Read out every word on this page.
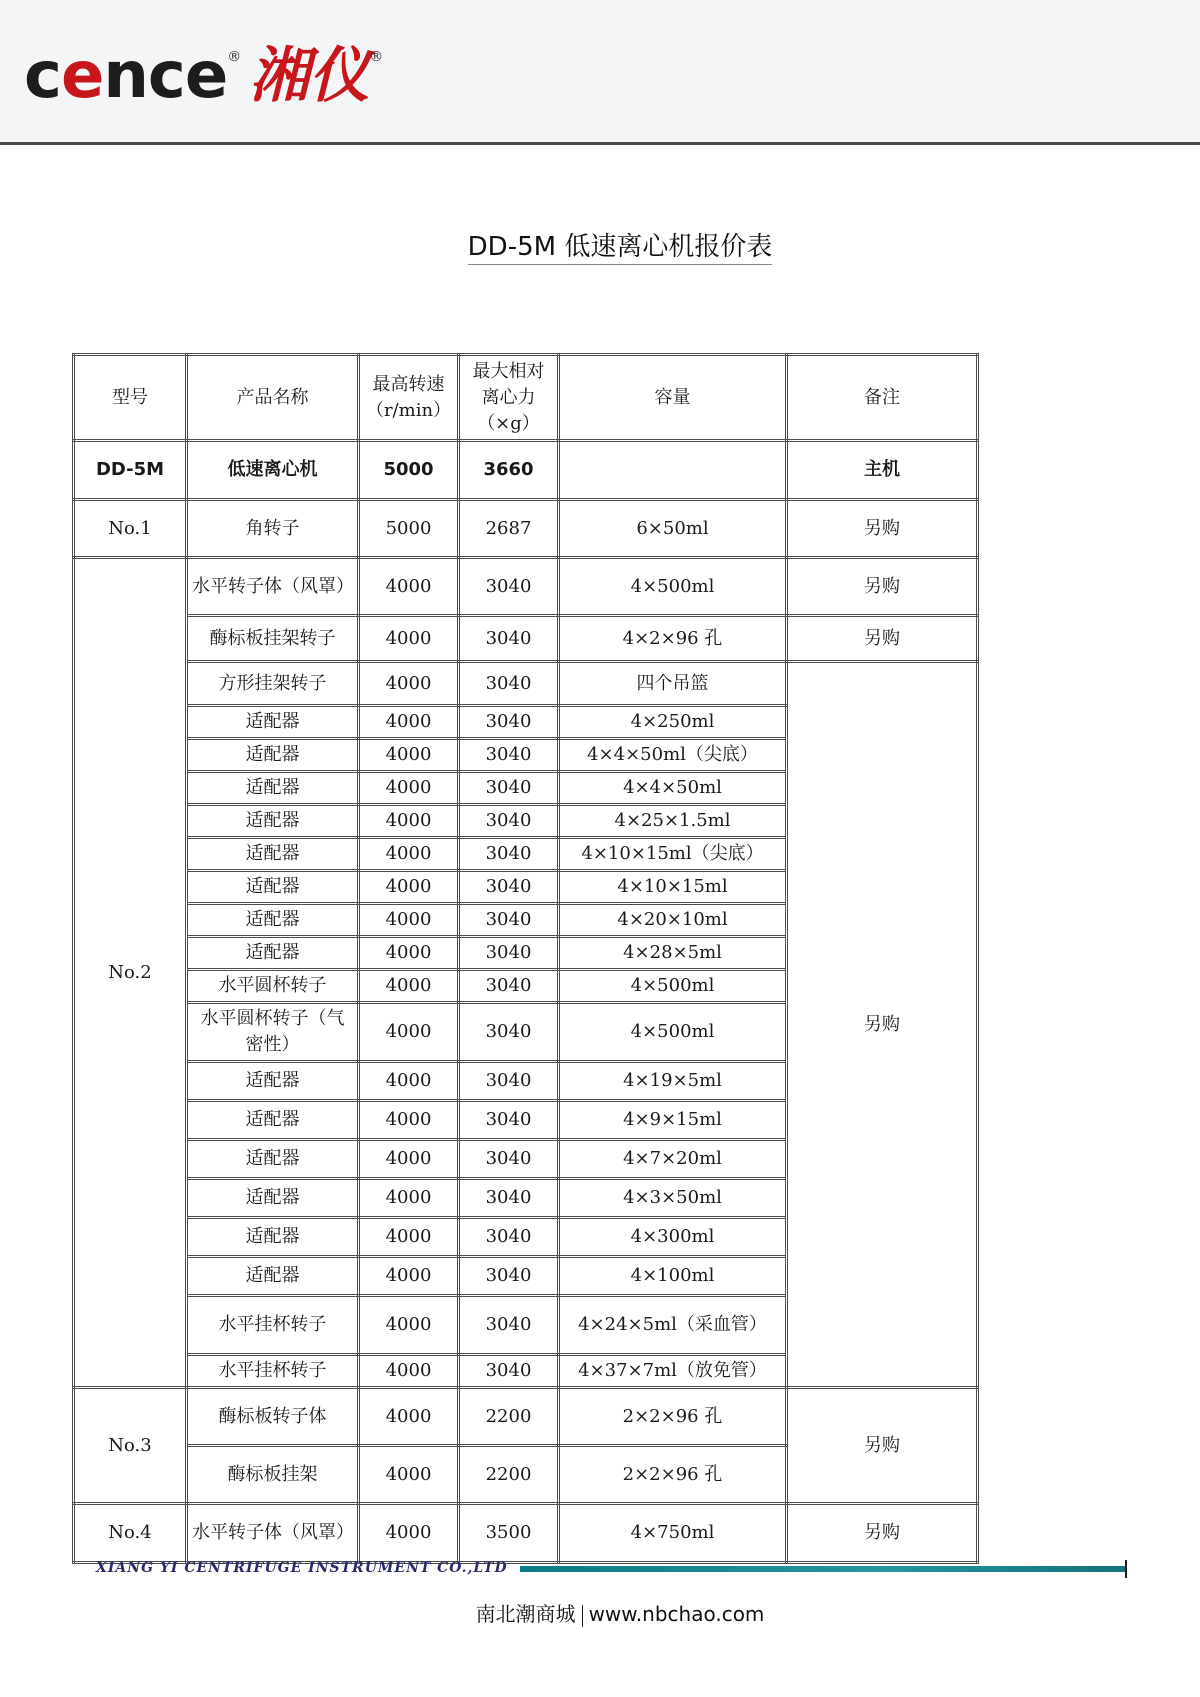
cence ® 湘仪 ®
DD-5M 低速离心机报价表
型号	产品名称	最高转速（r/min）	最大相对离心力（×g）	容量	备注
DD-5M	低速离心机	5000	3660		主机
No.1	角转子	5000	2687	6×50ml	另购
No.2	水平转子体（风罩）	4000	3040	4×500ml	另购
	酶标板挂架转子	4000	3040	4×2×96 孔	另购
	方形挂架转子	4000	3040	四个吊篮	另购
	适配器	4000	3040	4×250ml	
	适配器	4000	3040	4×4×50ml（尖底）	
	适配器	4000	3040	4×4×50ml	
	适配器	4000	3040	4×25×1.5ml	
	适配器	4000	3040	4×10×15ml（尖底）	
	适配器	4000	3040	4×10×15ml	
	适配器	4000	3040	4×20×10ml	
	适配器	4000	3040	4×28×5ml	
	水平圆杯转子	4000	3040	4×500ml	
	水平圆杯转子（气密性）	4000	3040	4×500ml	
	适配器	4000	3040	4×19×5ml	
	适配器	4000	3040	4×9×15ml	
	适配器	4000	3040	4×7×20ml	
	适配器	4000	3040	4×3×50ml	
	适配器	4000	3040	4×300ml	
	适配器	4000	3040	4×100ml	
	水平挂杯转子	4000	3040	4×24×5ml（采血管）	
	水平挂杯转子	4000	3040	4×37×7ml（放免管）	
No.3	酶标板转子体	4000	2200	2×2×96 孔	另购
	酶标板挂架	4000	2200	2×2×96 孔	
No.4	水平转子体（风罩）	4000	3500	4×750ml	另购
XIANG YI CENTRIFUGE INSTRUMENT CO.,LTD
南北潮商城 www.nbchao.com
